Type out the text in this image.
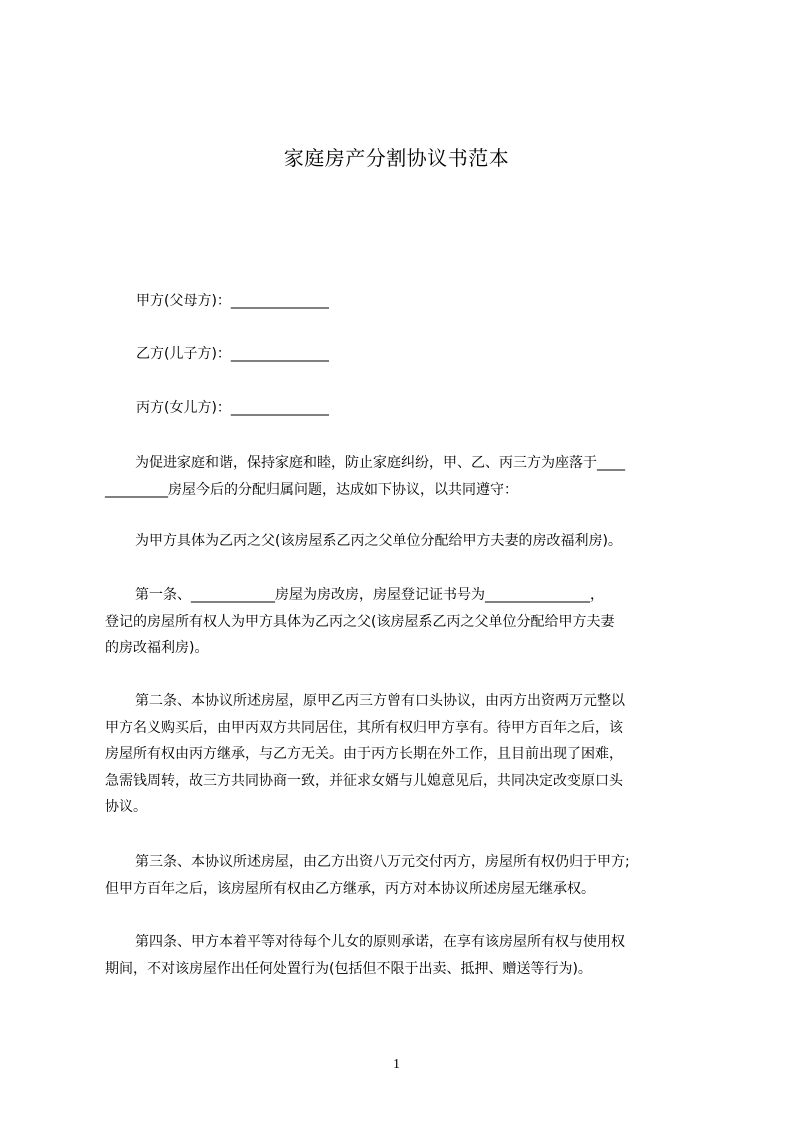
家庭房产分割协议书范本
甲方(父母方)：______________
乙方(儿子方)：______________
丙方(女儿方)：______________
为促进家庭和谐，保持家庭和睦，防止家庭纠纷，甲、乙、丙三方为座落于____
_________房屋今后的分配归属问题，达成如下协议，以共同遵守：
为甲方具体为乙丙之父(该房屋系乙丙之父单位分配给甲方夫妻的房改福利房)。
第一条、____________房屋为房改房，房屋登记证书号为_______________，
登记的房屋所有权人为甲方具体为乙丙之父(该房屋系乙丙之父单位分配给甲方夫妻
的房改福利房)。
第二条、本协议所述房屋，原甲乙丙三方曾有口头协议，由丙方出资两万元整以
甲方名义购买后，由甲丙双方共同居住，其所有权归甲方享有。待甲方百年之后，该
房屋所有权由丙方继承，与乙方无关。由于丙方长期在外工作，且目前出现了困难，
急需钱周转，故三方共同协商一致，并征求女婿与儿媳意见后，共同决定改变原口头
协议。
第三条、本协议所述房屋，由乙方出资八万元交付丙方，房屋所有权仍归于甲方;
但甲方百年之后，该房屋所有权由乙方继承，丙方对本协议所述房屋无继承权。
第四条、甲方本着平等对待每个儿女的原则承诺，在享有该房屋所有权与使用权
期间，不对该房屋作出任何处置行为(包括但不限于出卖、抵押、赠送等行为)。
1
